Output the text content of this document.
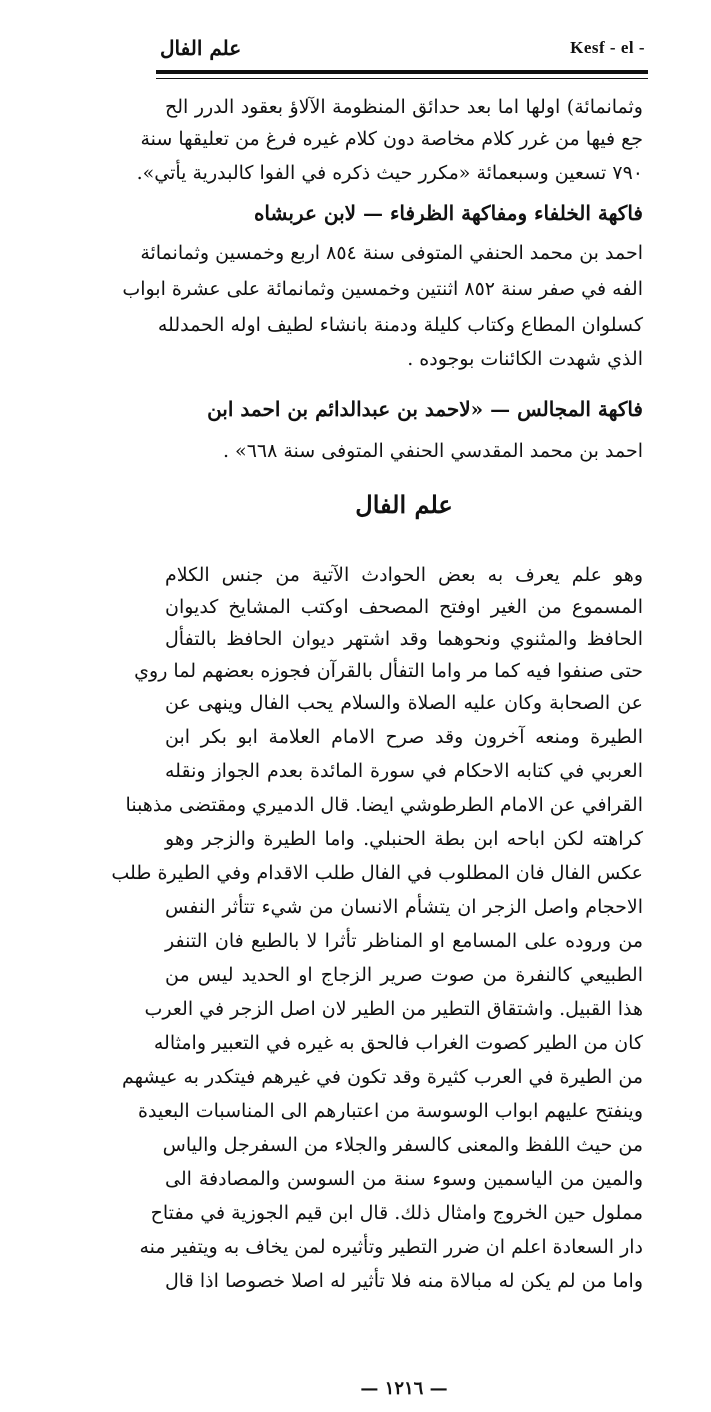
علم الفال	Kesf - el -
وثمانمائة) اولها اما بعد حدائق المنظومة الآلاؤ بعقود الدرر الح
جع فيها من غرر كلام مخاصة دون كلام غيره فرغ من تعليقها سنة
٧٩٠ تسعين وسبعمائة «مكرر حيث ذكره في الفوا كالبدرية يأتي».
فاكهة الخلفاء ومفاكهة الظرفاء — لابن عربشاه
احمد بن محمد الحنفي المتوفى سنة ٨٥٤ اربع وخمسين وثمانمائة
الفه في صفر سنة ٨٥٢ اثنتين وخمسين وثمانمائة على عشرة ابواب
كسلوان المطاع وكتاب كليلة ودمنة بانشاء لطيف اوله الحمدلله
الذي شهدت الكائنات بوجوده .
فاكهة المجالس — «لاحمد بن عبدالدائم بن احمد ابن
احمد بن محمد المقدسي الحنفي المتوفى سنة ٦٦٨» .
علم الفال
وهو علم يعرف به بعض الحوادث الآتية من جنس الكلام
المسموع من الغير اوفتح المصحف اوكتب المشايخ كديوان
الحافظ والمثنوي ونحوهما وقد اشتهر ديوان الحافظ بالتفأل
حتى صنفوا فيه كما مر واما التفأل بالقرآن فجوزه بعضهم لما روي
عن الصحابة وكان عليه الصلاة والسلام يحب الفال وينهى عن
الطيرة ومنعه آخرون وقد صرح الامام العلامة ابو بكر ابن
العربي في كتابه الاحكام في سورة المائدة بعدم الجواز ونقله
القرافي عن الامام الطرطوشي ايضا. قال الدميري ومقتضى مذهبنا
كراهته لكن اباحه ابن بطة الحنبلي. واما الطيرة والزجر وهو
عكس الفال فان المطلوب في الفال طلب الاقدام وفي الطيرة طلب
الاحجام واصل الزجر ان يتشأم الانسان من شيء تتأثر النفس
من وروده على المسامع او المناظر تأثرا لا بالطبع فان التنفر
الطبيعي كالنفرة من صوت صرير الزجاج او الحديد ليس من
هذا القبيل. واشتقاق التطير من الطير لان اصل الزجر في العرب
كان من الطير كصوت الغراب فالحق به غيره في التعبير وامثاله
من الطيرة في العرب كثيرة وقد تكون في غيرهم فيتكدر به عيشهم
وينفتح عليهم ابواب الوسوسة من اعتبارهم الى المناسبات البعيدة
من حيث اللفظ والمعنى كالسفر والجلاء من السفرجل والياس
والمين من الياسمين وسوء سنة من السوسن والمصادفة الى
مملول حين الخروج وامثال ذلك. قال ابن قيم الجوزية في مفتاح
دار السعادة اعلم ان ضرر التطير وتأثيره لمن يخاف به ويتفير منه
واما من لم يكن له مبالاة منه فلا تأثير له اصلا خصوصا اذا قال
— ١٢١٦ —
